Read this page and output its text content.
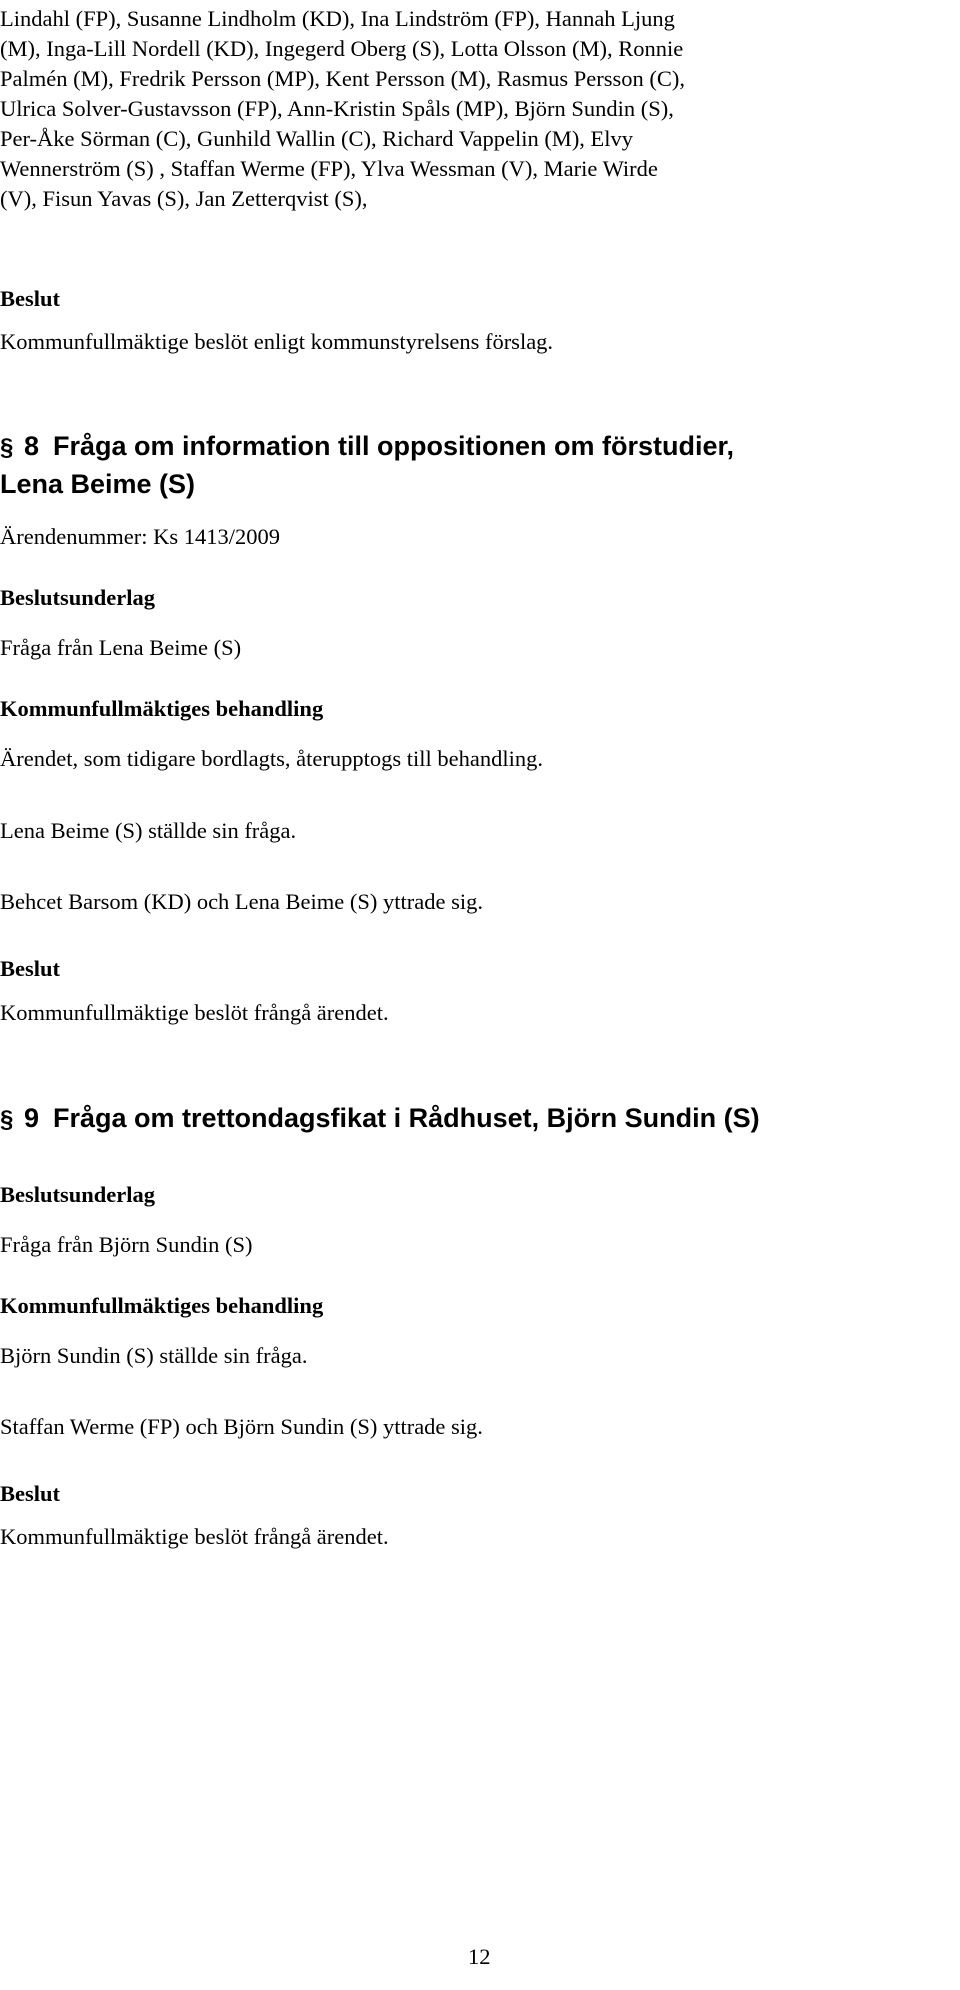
Lindahl (FP), Susanne Lindholm (KD), Ina Lindström (FP), Hannah Ljung
(M), Inga-Lill Nordell (KD), Ingegerd Oberg (S), Lotta Olsson (M), Ronnie
Palmén (M), Fredrik Persson (MP), Kent Persson (M), Rasmus Persson (C),
Ulrica Solver-Gustavsson (FP), Ann-Kristin Spåls (MP), Björn Sundin (S),
Per-Åke Sörman (C), Gunhild Wallin (C), Richard Vappelin (M), Elvy
Wennerström (S) , Staffan Werme (FP), Ylva Wessman (V), Marie Wirde
(V), Fisun Yavas (S), Jan Zetterqvist (S),
Beslut
Kommunfullmäktige beslöt enligt kommunstyrelsens förslag.
§ 8 Fråga om information till oppositionen om förstudier,
Lena Beime (S)
Ärendenummer: Ks 1413/2009
Beslutsunderlag
Fråga från Lena Beime (S)
Kommunfullmäktiges behandling
Ärendet, som tidigare bordlagts, återupptogs till behandling.
Lena Beime (S) ställde sin fråga.
Behcet Barsom (KD) och Lena Beime (S) yttrade sig.
Beslut
Kommunfullmäktige beslöt frångå ärendet.
§ 9 Fråga om trettondagsfikat i Rådhuset, Björn Sundin (S)
Beslutsunderlag
Fråga från Björn Sundin (S)
Kommunfullmäktiges behandling
Björn Sundin (S) ställde sin fråga.
Staffan Werme (FP) och Björn Sundin (S) yttrade sig.
Beslut
Kommunfullmäktige beslöt frångå ärendet.
12
